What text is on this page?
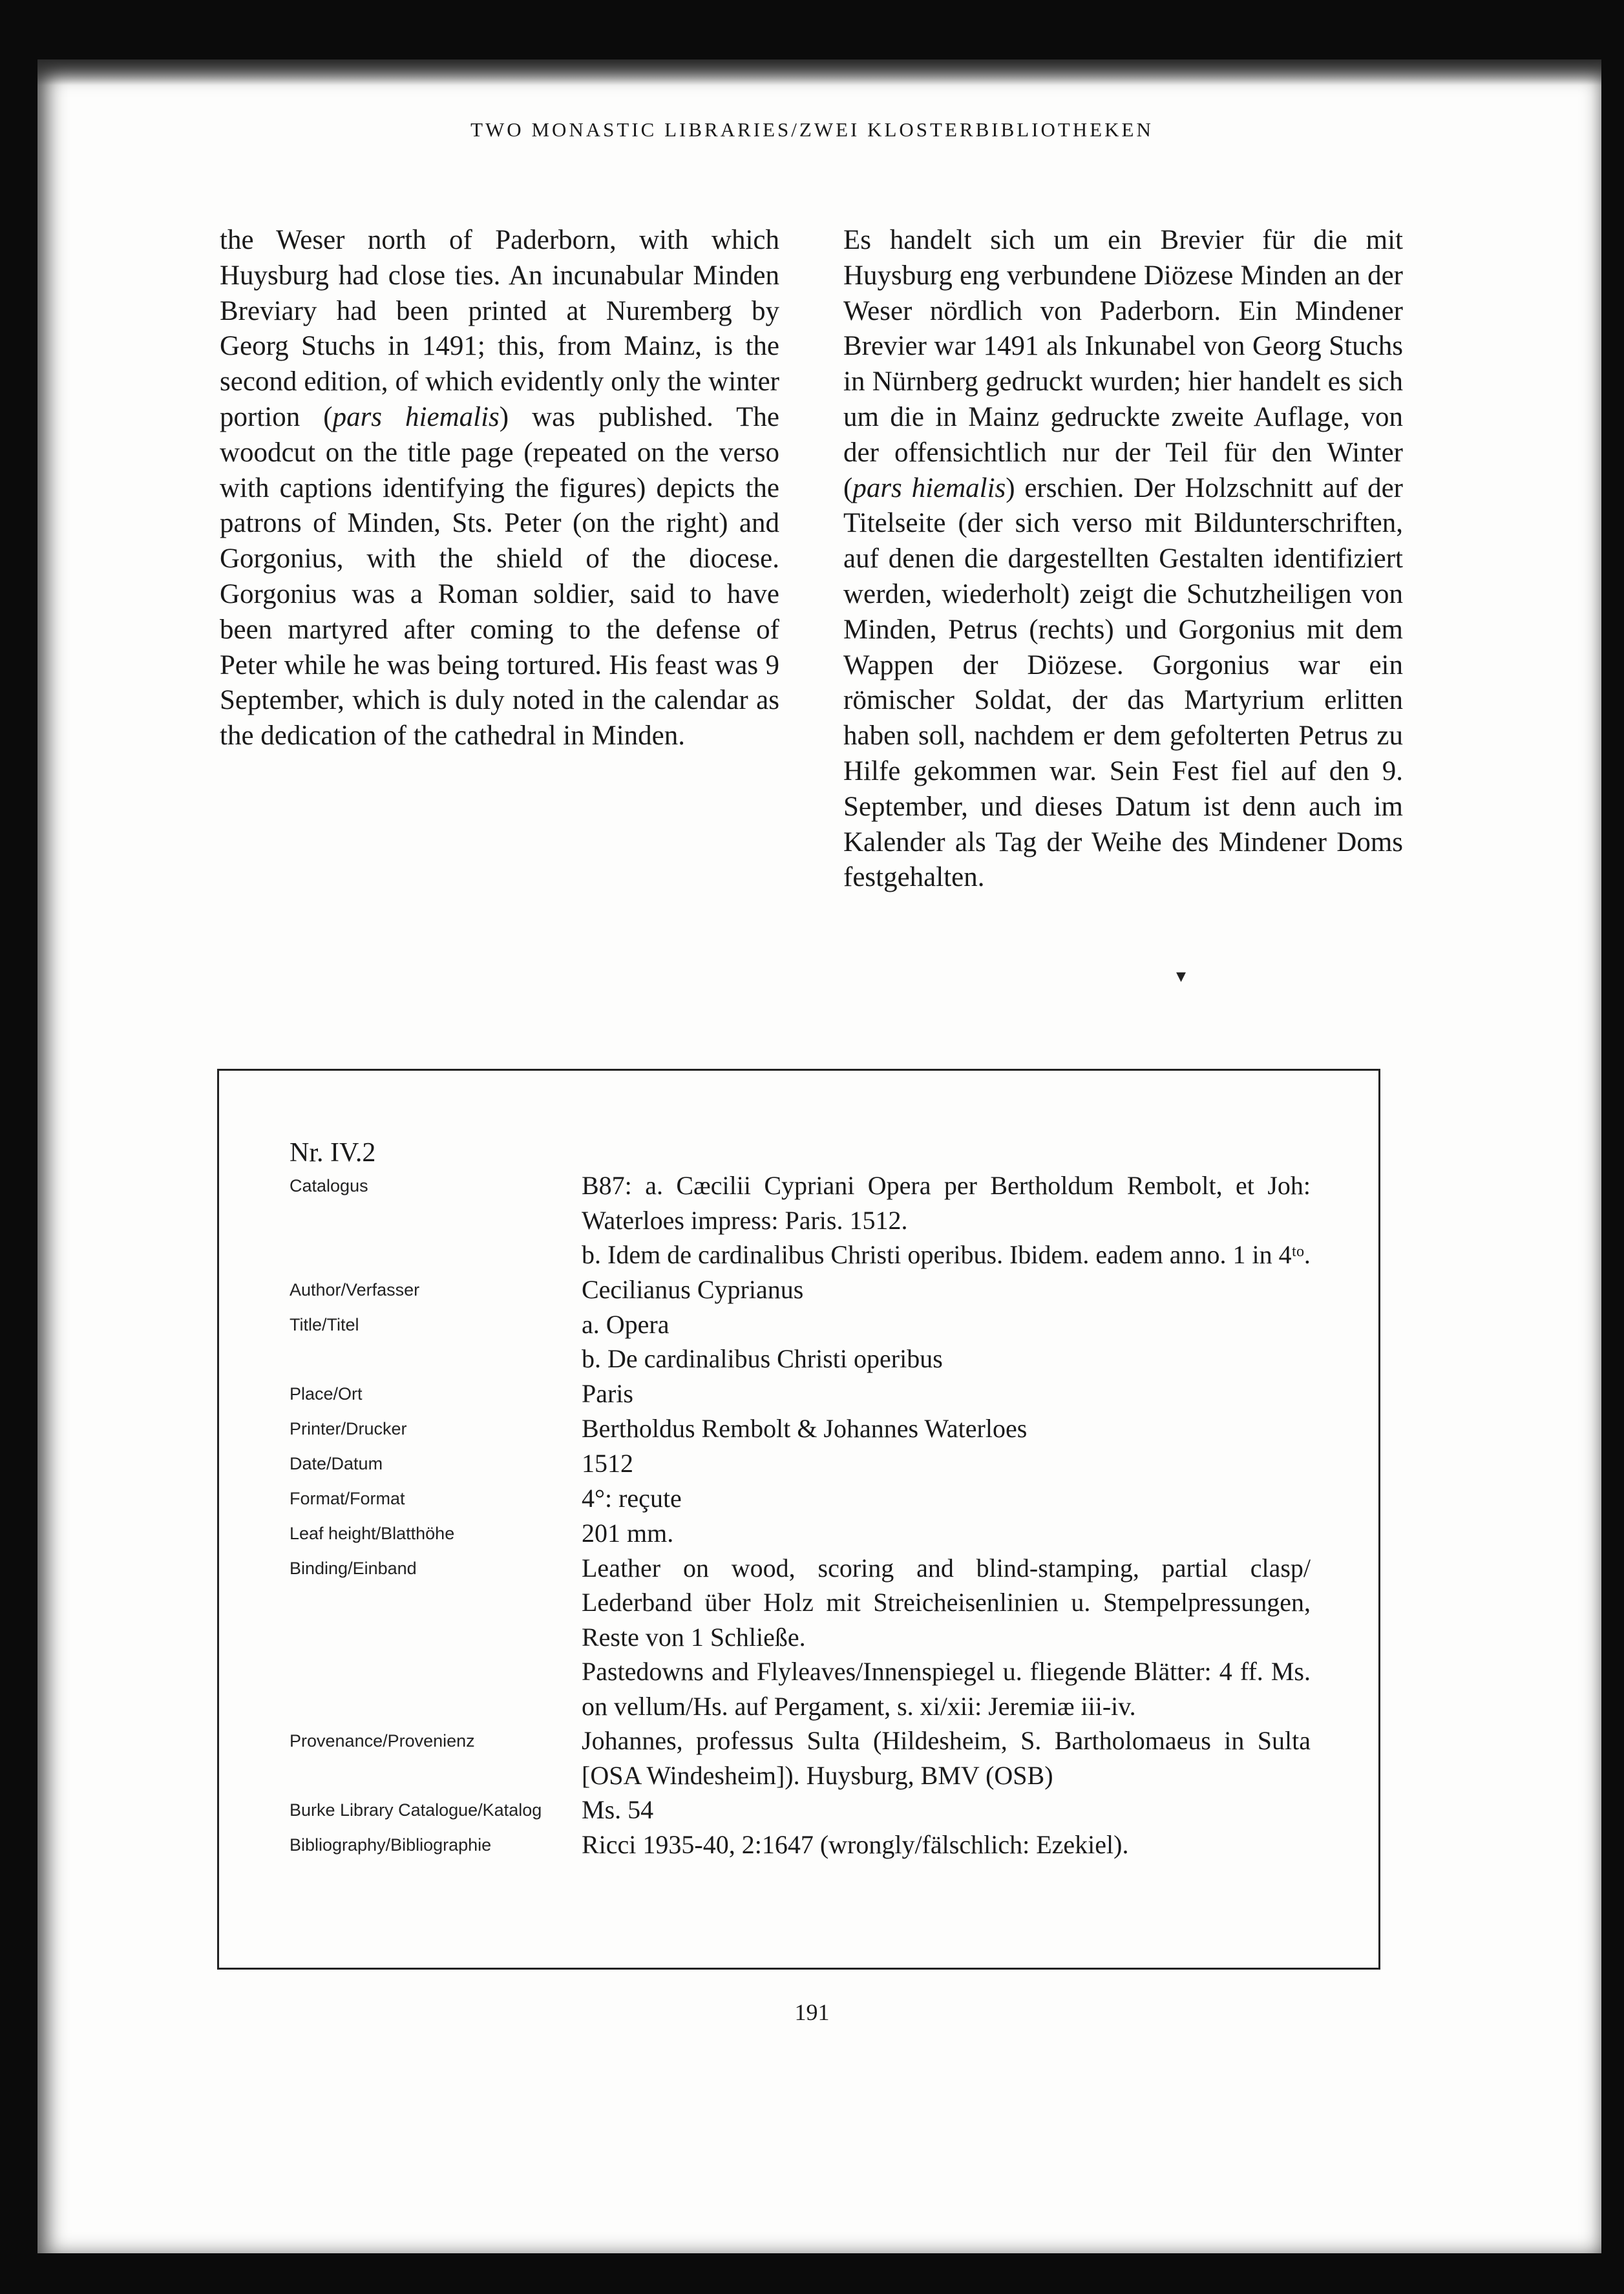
TWO MONASTIC LIBRARIES/ZWEI KLOSTERBIBLIOTHEKEN

the Weser north of Paderborn, with which Huysburg had close ties. An incunabular Minden Breviary had been printed at Nuremberg by Georg Stuchs in 1491; this, from Mainz, is the second edition, of which evidently only the winter portion (pars hiemalis) was published. The woodcut on the title page (repeated on the verso with captions identifying the figures) depicts the patrons of Minden, Sts. Peter (on the right) and Gorgonius, with the shield of the diocese. Gorgonius was a Roman soldier, said to have been martyred after coming to the defense of Peter while he was being tortured. His feast was 9 September, which is duly noted in the calendar as the dedication of the cathedral in Minden.

Es handelt sich um ein Brevier für die mit Huysburg eng verbundene Diözese Minden an der Weser nördlich von Paderborn. Ein Mindener Brevier war 1491 als Inkunabel von Georg Stuchs in Nürnberg gedruckt wurden; hier handelt es sich um die in Mainz gedruckte zweite Auflage, von der offensichtlich nur der Teil für den Winter (pars hiemalis) erschien. Der Holzschnitt auf der Titelseite (der sich verso mit Bildunterschriften, auf denen die dargestellten Gestalten identifiziert werden, wiederholt) zeigt die Schutzheiligen von Minden, Petrus (rechts) und Gorgonius mit dem Wappen der Diözese. Gorgonius war ein römischer Soldat, der das Martyrium erlitten haben soll, nachdem er dem gefolterten Petrus zu Hilfe gekommen war. Sein Fest fiel auf den 9. September, und dieses Datum ist denn auch im Kalender als Tag der Weihe des Mindener Doms festgehalten.

▾
Nr. IV.2
Catalogus	B87: a. Cæcilii Cypriani Opera per Bertholdum Rembolt, et Joh: Waterloes impress: Paris. 1512.
b. Idem de cardinalibus Christi operibus. Ibidem. eadem anno. 1 in 4ᵗᵒ.
Author/Verfasser	Cecilianus Cyprianus
Title/Titel	a. Opera
b. De cardinalibus Christi operibus
Place/Ort	Paris
Printer/Drucker	Bertholdus Rembolt & Johannes Waterloes
Date/Datum	1512
Format/Format	4°: reçute
Leaf height/Blatthöhe	201 mm.
Binding/Einband	Leather on wood, scoring and blind-stamping, partial clasp/ Lederband über Holz mit Streicheisenlinien u. Stempelpressungen, Reste von 1 Schließe.
Pastedowns and Flyleaves/Innenspiegel u. fliegende Blätter: 4 ff. Ms. on vellum/Hs. auf Pergament, s. xi/xii: Jeremiæ iii-iv.
Provenance/Provenienz	Johannes, professus Sulta (Hildesheim, S. Bartholomaeus in Sulta [OSA Windesheim]). Huysburg, BMV (OSB)
Burke Library Catalogue/Katalog	Ms. 54
Bibliography/Bibliographie	Ricci 1935-40, 2:1647 (wrongly/fälschlich: Ezekiel).
191
